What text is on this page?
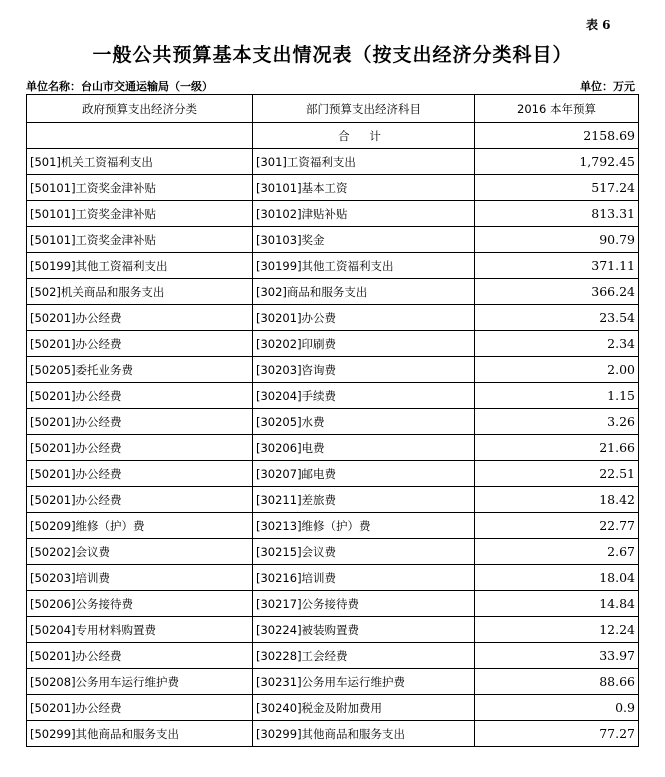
表 6
一般公共预算基本支出情况表（按支出经济分类科目）
单位名称：台山市交通运输局（一级）	单位：万元
政府预算支出经济分类	部门预算支出经济科目	2016 本年预算
	合 计	2158.69
[501]机关工资福利支出	[301]工资福利支出	1,792.45
[50101]工资奖金津补贴	[30101]基本工资	517.24
[50101]工资奖金津补贴	[30102]津贴补贴	813.31
[50101]工资奖金津补贴	[30103]奖金	90.79
[50199]其他工资福利支出	[30199]其他工资福利支出	371.11
[502]机关商品和服务支出	[302]商品和服务支出	366.24
[50201]办公经费	[30201]办公费	23.54
[50201]办公经费	[30202]印刷费	2.34
[50205]委托业务费	[30203]咨询费	2.00
[50201]办公经费	[30204]手续费	1.15
[50201]办公经费	[30205]水费	3.26
[50201]办公经费	[30206]电费	21.66
[50201]办公经费	[30207]邮电费	22.51
[50201]办公经费	[30211]差旅费	18.42
[50209]维修（护）费	[30213]维修（护）费	22.77
[50202]会议费	[30215]会议费	2.67
[50203]培训费	[30216]培训费	18.04
[50206]公务接待费	[30217]公务接待费	14.84
[50204]专用材料购置费	[30224]被装购置费	12.24
[50201]办公经费	[30228]工会经费	33.97
[50208]公务用车运行维护费	[30231]公务用车运行维护费	88.66
[50201]办公经费	[30240]税金及附加费用	0.9
[50299]其他商品和服务支出	[30299]其他商品和服务支出	77.27
